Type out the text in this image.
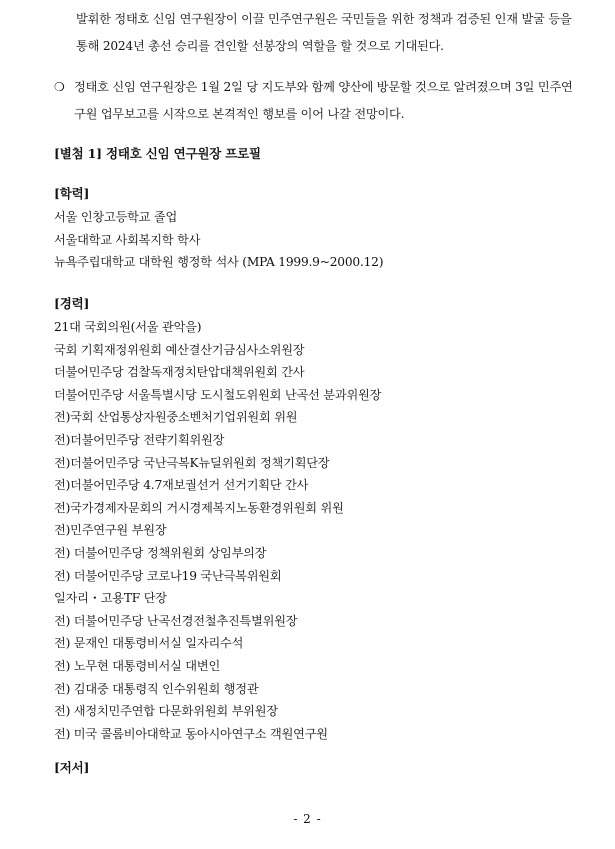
발휘한 정태호 신임 연구원장이 이끌 민주연구원은 국민들을 위한 정책과 검증된 인재 발굴 등을 통해 2024년 총선 승리를 견인할 선봉장의 역할을 할 것으로 기대된다.
❍ 정태호 신임 연구원장은 1월 2일 당 지도부와 함께 양산에 방문할 것으로 알려졌으며 3일 민주연구원 업무보고를 시작으로 본격적인 행보를 이어 나갈 전망이다.
[별첨 1] 정태호 신임 연구원장 프로필
[학력]
서울 인창고등학교 졸업
서울대학교 사회복지학 학사
뉴욕주립대학교 대학원 행정학 석사 (MPA 1999.9~2000.12)
[경력]
21대 국회의원(서울 관악을)
국회 기획재정위원회 예산결산기금심사소위원장
더불어민주당 검찰독재정치탄압대책위원회 간사
더불어민주당 서울특별시당 도시철도위원회 난곡선 분과위원장
전)국회 산업통상자원중소벤처기업위원회 위원
전)더불어민주당 전략기획위원장
전)더불어민주당 국난극복K뉴딜위원회 정책기획단장
전)더불어민주당 4.7재보궐선거 선거기획단 간사
전)국가경제자문회의 거시경제복지노동환경위원회 위원
전)민주연구원 부원장
전) 더불어민주당 정책위원회 상임부의장
전) 더불어민주당 코로나19 국난극복위원회
일자리・고용TF 단장
전) 더불어민주당 난곡선경전철추진특별위원장
전) 문재인 대통령비서실 일자리수석
전) 노무현 대통령비서실 대변인
전) 김대중 대통령직 인수위원회 행정관
전) 새정치민주연합 다문화위원회 부위원장
전) 미국 콜롬비아대학교 동아시아연구소 객원연구원
[저서]
- 2 -
